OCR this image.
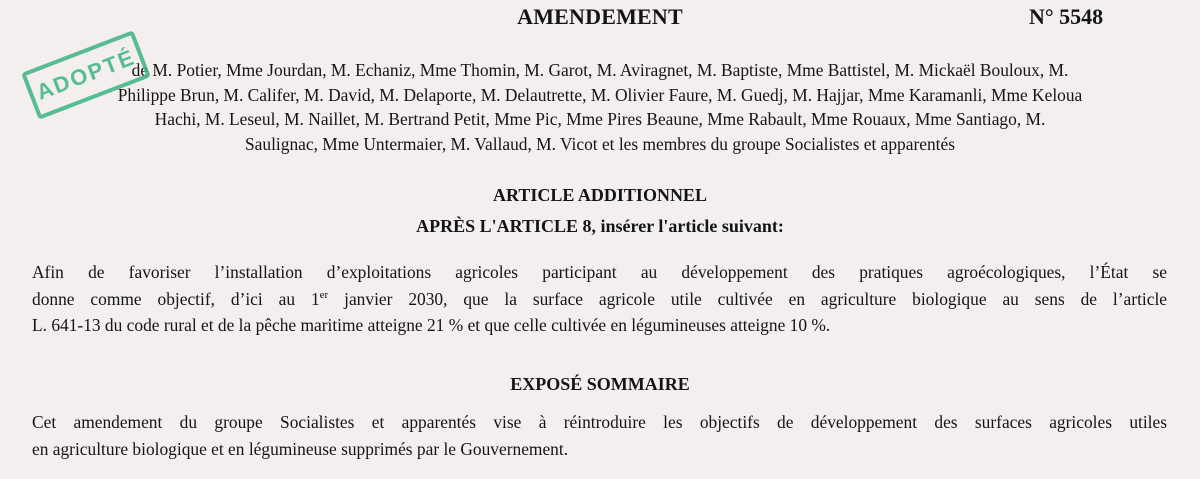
AMENDEMENT	N° 5548
de M. Potier, Mme Jourdan, M. Echaniz, Mme Thomin, M. Garot, M. Aviragnet, M. Baptiste, Mme Battistel, M. Mickaël Bouloux, M.
Philippe Brun, M. Califer, M. David, M. Delaporte, M. Delautrette, M. Olivier Faure, M. Guedj, M. Hajjar, Mme Karamanli, Mme Keloua
Hachi, M. Leseul, M. Naillet, M. Bertrand Petit, Mme Pic, Mme Pires Beaune, Mme Rabault, Mme Rouaux, Mme Santiago, M.
Saulignac, Mme Untermaier, M. Vallaud, M. Vicot et les membres du groupe Socialistes et apparentés
ADOPTÉ
ARTICLE ADDITIONNEL
APRÈS L'ARTICLE 8, insérer l'article suivant:
Afin de favoriser l’installation d’exploitations agricoles participant au développement des pratiques agroécologiques, l’État se
donne comme objectif, d’ici au 1er janvier 2030, que la surface agricole utile cultivée en agriculture biologique au sens de l’article
L. 641-13 du code rural et de la pêche maritime atteigne 21 % et que celle cultivée en légumineuses atteigne 10 %.
EXPOSÉ SOMMAIRE
Cet amendement du groupe Socialistes et apparentés vise à réintroduire les objectifs de développement des surfaces agricoles utiles
en agriculture biologique et en légumineuse supprimés par le Gouvernement.
